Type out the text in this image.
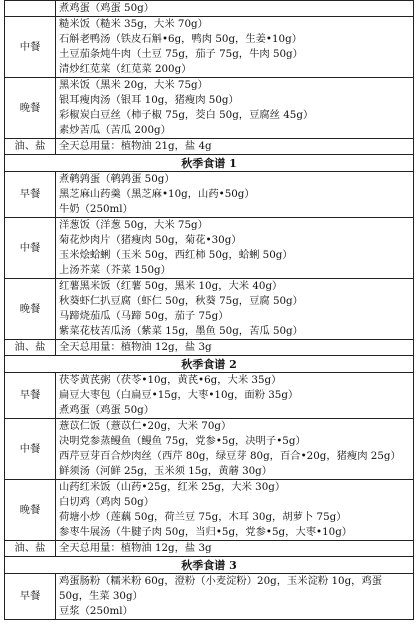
	煮鸡蛋（鸡蛋 50g）

中餐	糙米饭（糙米 35g，大米 70g）
石斛老鸭汤（铁皮石斛•6g，鸭肉 50g，生姜•10g）
土豆茄条炖牛肉（土豆 75g，茄子 75g，牛肉 50g）
清炒红苋菜（红苋菜 200g）

晚餐	黑米饭（黑米 20g，大米 75g）
银耳瘦肉汤（银耳 10g，猪瘦肉 50g）
彩椒炭白豆丝（柿子椒 75g，茭白 50g，豆腐丝 45g）
素炒苦瓜（苦瓜 200g）

油、盐	全天总用量：植物油 21g，盐 4g

秋季食谱 1	
早餐	煮鹌鹑蛋（鹌鹑蛋 50g）
黑芝麻山药羹（黑芝麻•10g，山药•50g）
牛奶（250ml）

中餐	洋葱饭（洋葱 50g，大米 75g）
菊花炒肉片（猪瘦肉 50g，菊花•30g）
玉米烩蛤蜊（玉米 50g，西红柿 50g，蛤蜊 50g）
上汤芥菜（芥菜 150g）

晚餐	红薯黑米饭（红薯 50g，黑米 10g，大米 40g）
秋葵虾仁扒豆腐（虾仁 50g，秋葵 75g，豆腐 50g）
马蹄烧茄瓜（马蹄 50g，茄子 75g）
紫菜花枝苦瓜汤（紫菜 15g，墨鱼 50g，苦瓜 50g）

油、盐	全天总用量：植物油 12g，盐 3g

秋季食谱 2	
早餐	茯苓黄芪粥（茯苓•10g，黄芪•6g，大米 35g）
扁豆大枣包（白扁豆•15g，大枣•10g，面粉 35g）
煮鸡蛋（鸡蛋 50g）

中餐	薏苡仁饭（薏苡仁•20g，大米 70g）
决明党参蒸鳗鱼（鳗鱼 75g，党参•5g，决明子•5g）
西芹豆芽百合炒肉丝（西芹 80g，绿豆芽 80g，百合•20g，猪瘦肉 25g）
鲜须汤（河鲜 25g，玉米须 15g，黄蘑 30g）

晚餐	山药红米饭（山药•25g，红米 25g，大米 30g）
白切鸡（鸡肉 50g）
荷塘小炒（莲藕 50g，荷兰豆 75g，木耳 30g，胡萝卜 75g）
参枣牛展汤（牛腱子肉 50g，当归•5g，党参•5g，大枣•10g）

油、盐	全天总用量：植物油 12g，盐 3g

秋季食谱 3	
早餐	鸡蛋肠粉（糯米粉 60g，澄粉（小麦淀粉）20g，玉米淀粉 10g，鸡蛋 50g，生菜 30g）
豆浆（250ml）
